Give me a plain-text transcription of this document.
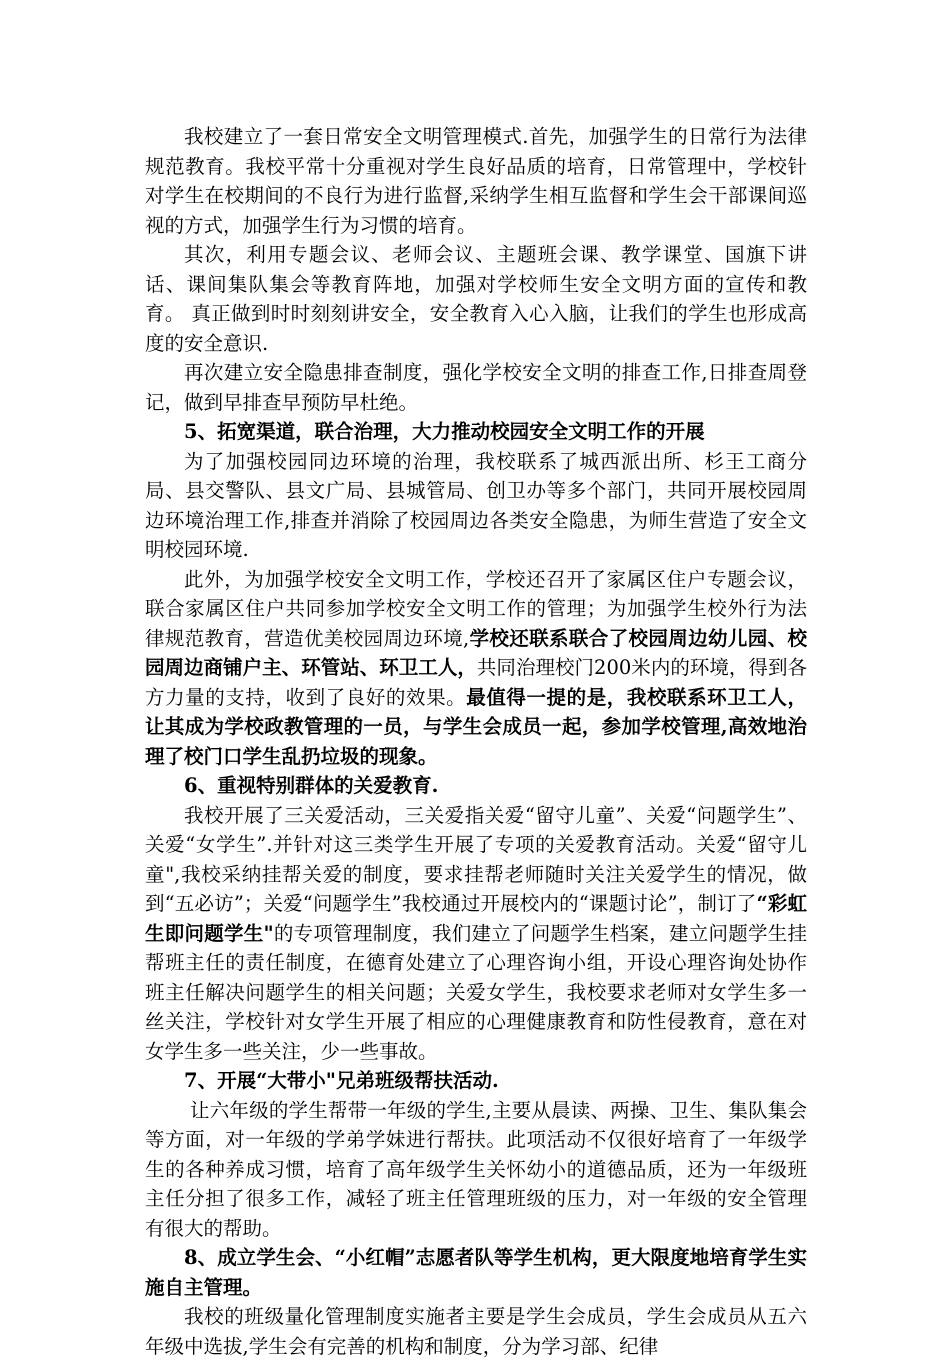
我校建立了一套日常安全文明管理模式.首先，加强学生的日常行为法律规范教育。我校平常十分重视对学生良好品质的培育，日常管理中，学校针对学生在校期间的不良行为进行监督,采纳学生相互监督和学生会干部课间巡视的方式，加强学生行为习惯的培育。

其次，利用专题会议、老师会议、主题班会课、教学课堂、国旗下讲话、课间集队集会等教育阵地，加强对学校师生安全文明方面的宣传和教育。 真正做到时时刻刻讲安全，安全教育入心入脑，让我们的学生也形成高度的安全意识.

再次建立安全隐患排查制度，强化学校安全文明的排查工作,日排查周登记，做到早排查早预防早杜绝。

5、拓宽渠道，联合治理，大力推动校园安全文明工作的开展

为了加强校园同边环境的治理，我校联系了城西派出所、杉王工商分局、县交警队、县文广局、县城管局、创卫办等多个部门，共同开展校园周边环境治理工作,排查并消除了校园周边各类安全隐患，为师生营造了安全文明校园环境.

此外，为加强学校安全文明工作，学校还召开了家属区住户专题会议，联合家属区住户共同参加学校安全文明工作的管理；为加强学生校外行为法律规范教育，营造优美校园周边环境,学校还联系联合了校园周边幼儿园、校园周边商铺户主、环管站、环卫工人，共同治理校门200米内的环境，得到各方力量的支持，收到了良好的效果。最值得一提的是，我校联系环卫工人，让其成为学校政教管理的一员，与学生会成员一起，参加学校管理,高效地治理了校门口学生乱扔垃圾的现象。

6、重视特别群体的关爱教育.

我校开展了三关爱活动，三关爱指关爱“留守儿童”、关爱“问题学生”、关爱“女学生”.并针对这三类学生开展了专项的关爱教育活动。关爱“留守儿童",我校采纳挂帮关爱的制度，要求挂帮老师随时关注关爱学生的情况，做到“五必访”；关爱“问题学生”我校通过开展校内的“课题讨论”，制订了“彩虹生即问题学生"的专项管理制度，我们建立了问题学生档案，建立问题学生挂帮班主任的责任制度，在德育处建立了心理咨询小组，开设心理咨询处协作班主任解决问题学生的相关问题；关爱女学生，我校要求老师对女学生多一丝关注，学校针对女学生开展了相应的心理健康教育和防性侵教育，意在对女学生多一些关注，少一些事故。

7、开展“大带小"兄弟班级帮扶活动.

让六年级的学生帮带一年级的学生,主要从晨读、两操、卫生、集队集会等方面，对一年级的学弟学妹进行帮扶。此项活动不仅很好培育了一年级学生的各种养成习惯，培育了高年级学生关怀幼小的道德品质，还为一年级班主任分担了很多工作，减轻了班主任管理班级的压力，对一年级的安全管理有很大的帮助。

8、成立学生会、“小红帽”志愿者队等学生机构，更大限度地培育学生实施自主管理。

我校的班级量化管理制度实施者主要是学生会成员，学生会成员从五六年级中选拔,学生会有完善的机构和制度，分为学习部、纪律
